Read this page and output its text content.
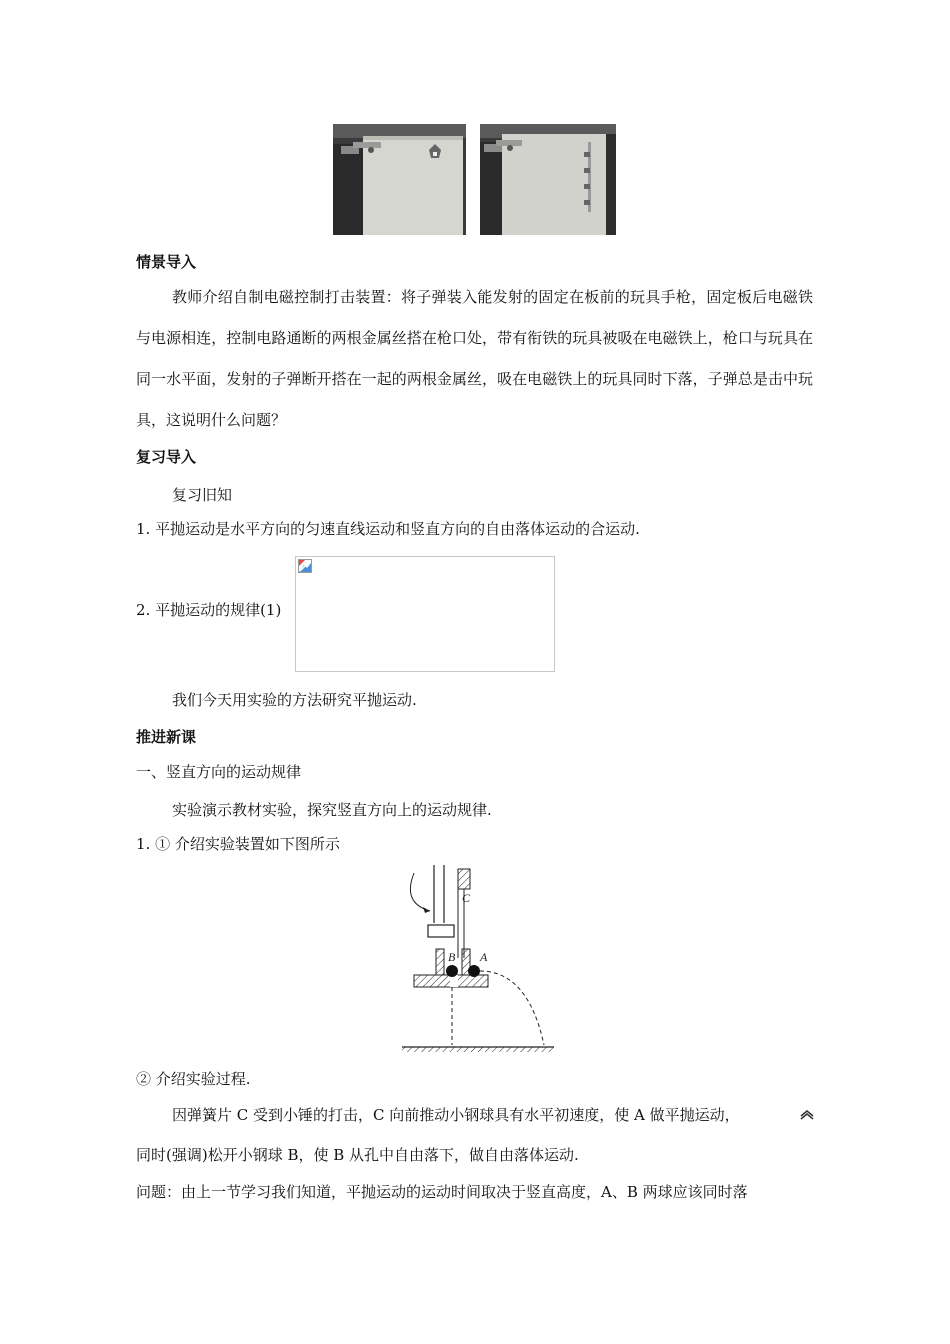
情景导入
教师介绍自制电磁控制打击装置：将子弹装入能发射的固定在板前的玩具手枪，固定板后电磁铁与电源相连，控制电路通断的两根金属丝搭在枪口处，带有衔铁的玩具被吸在电磁铁上，枪口与玩具在同一水平面，发射的子弹断开搭在一起的两根金属丝，吸在电磁铁上的玩具同时下落，子弹总是击中玩具，这说明什么问题？
复习导入
复习旧知
1. 平抛运动是水平方向的匀速直线运动和竖直方向的自由落体运动的合运动.
2. 平抛运动的规律(1)
我们今天用实验的方法研究平抛运动.
推进新课
一、竖直方向的运动规律
实验演示教材实验，探究竖直方向上的运动规律.
1. ① 介绍实验装置如下图所示
C
B A
② 介绍实验过程.
因弹簧片 C 受到小锤的打击，C 向前推动小钢球具有水平初速度，使 A 做平抛运动，
同时(强调)松开小钢球 B，使 B 从孔中自由落下，做自由落体运动.
问题：由上一节学习我们知道，平抛运动的运动时间取决于竖直高度，A、B 两球应该同时落
